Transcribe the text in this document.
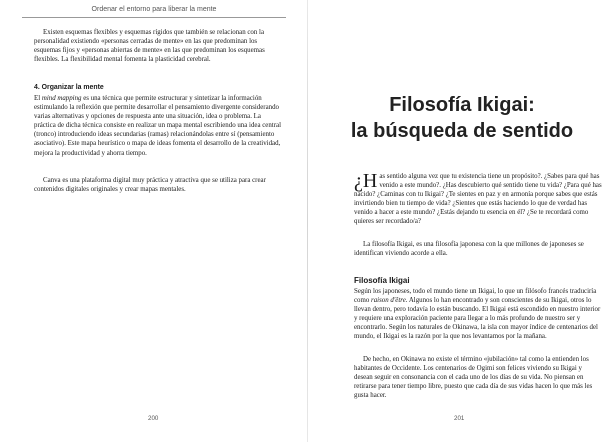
Ordenar el entorno para liberar la mente

Existen esquemas flexibles y esquemas rígidos que también se relacionan con la personalidad existiendo «personas cerradas de mente» en las que predominan los esquemas fijos y «personas abiertas de mente» en las que predominan los esquemas flexibles. La flexibilidad mental fomenta la plasticidad cerebral.

4. Organizar la mente

El mind mapping es una técnica que permite estructurar y sintetizar la información estimulando la reflexión que permite desarrollar el pensamiento divergente considerando varias alternativas y opciones de respuesta ante una situación, idea o problema. La práctica de dicha técnica consiste en realizar un mapa mental escribiendo una idea central (tronco) introduciendo ideas secundarias (ramas) relacionándolas entre sí (pensamiento asociativo). Este mapa heurístico o mapa de ideas fomenta el desarrollo de la creatividad, mejora la productividad y ahorra tiempo.

Canva es una plataforma digital muy práctica y atractiva que se utiliza para crear contenidos digitales originales y crear mapas mentales.

200
Filosofía Ikigai:
la búsqueda de sentido
¿H as sentido alguna vez que tu existencia tiene un propósito?. ¿Sabes para qué has venido a este mundo?. ¿Has descubierto qué sentido tiene tu vida? ¿Para qué has nacido? ¿Caminas con tu Ikigai? ¿Te sientes en paz y en armonía porque sabes que estás invirtiendo bien tu tiempo de vida? ¿Sientes que estás haciendo lo que de verdad has venido a hacer a este mundo? ¿Estás dejando tu esencia en él? ¿Se te recordará como quieres ser recordado/a?

La filosofía Ikigai, es una filosofía japonesa con la que millones de japoneses se identifican viviendo acorde a ella.

Filosofía Ikigai

Según los japoneses, todo el mundo tiene un Ikigai, lo que un filósofo francés traduciría como raison d'être. Algunos lo han encontrado y son conscientes de su Ikigai, otros lo llevan dentro, pero todavía lo están buscando. El Ikigai está escondido en nuestro interior y requiere una exploración paciente para llegar a lo más profundo de nuestro ser y encontrarlo. Según los naturales de Okinawa, la isla con mayor índice de centenarios del mundo, el Ikigai es la razón por la que nos levantamos por la mañana.

De hecho, en Okinawa no existe el término «jubilación» tal como la entienden los habitantes de Occidente. Los centenarios de Ogimi son felices viviendo su Ikigai y desean seguir en consonancia con el cada uno de los días de su vida. No piensan en retirarse para tener tiempo libre, puesto que cada día de sus vidas hacen lo que más les gusta hacer.

201
